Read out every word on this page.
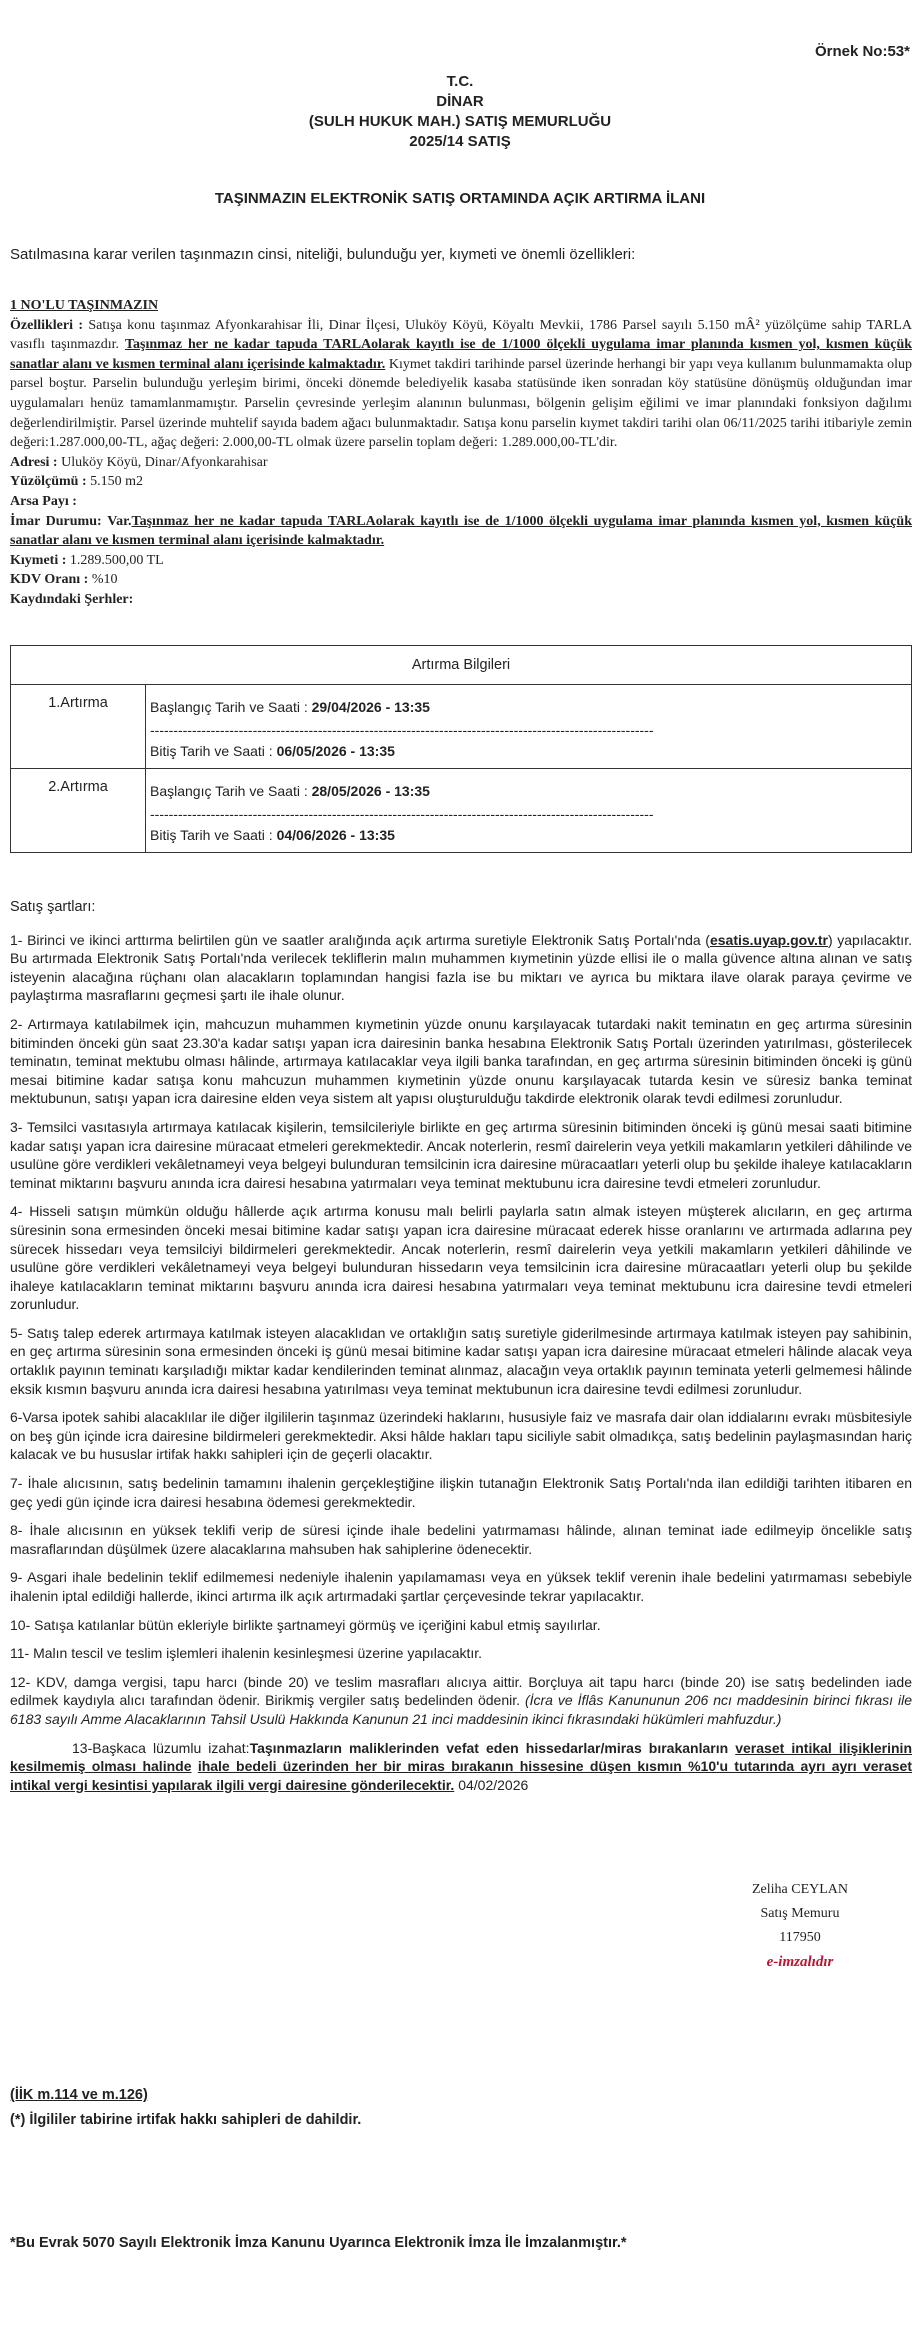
Örnek No:53*
T.C.
DİNAR
(SULH HUKUK MAH.) SATIŞ MEMURLUĞU
2025/14 SATIŞ
TAŞINMAZIN ELEKTRONİK SATIŞ ORTAMINDA AÇIK ARTIRMA İLANI
Satılmasına karar verilen taşınmazın cinsi, niteliği, bulunduğu yer, kıymeti ve önemli özellikleri:

1 NO'LU TAŞINMAZIN

Özellikleri : Satışa konu taşınmaz Afyonkarahisar İli, Dinar İlçesi, Uluköy Köyü, Köyaltı Mevkii, 1786 Parsel sayılı 5.150 mÂ² yüzölçüme sahip TARLA vasıflı taşınmazdır. Taşınmaz her ne kadar tapuda TARLAolarak kayıtlı ise de 1/1000 ölçekli uygulama imar planında kısmen yol, kısmen küçük sanatlar alanı ve kısmen terminal alanı içerisinde kalmaktadır. Kıymet takdiri tarihinde parsel üzerinde herhangi bir yapı veya kullanım bulunmamakta olup parsel boştur. Parselin bulunduğu yerleşim birimi, önceki dönemde belediyelik kasaba statüsünde iken sonradan köy statüsüne dönüşmüş olduğundan imar uygulamaları henüz tamamlanmamıştır. Parselin çevresinde yerleşim alanının bulunması, bölgenin gelişim eğilimi ve imar planındaki fonksiyon dağılımı değerlendirilmiştir. Parsel üzerinde muhtelif sayıda badem ağacı bulunmaktadır. Satışa konu parselin kıymet takdiri tarihi olan 06/11/2025 tarihi itibariyle zemin değeri:1.287.000,00-TL, ağaç değeri: 2.000,00-TL olmak üzere parselin toplam değeri: 1.289.000,00-TL'dir.

Adresi : Uluköy Köyü, Dinar/Afyonkarahisar

Yüzölçümü : 5.150 m2

Arsa Payı :

İmar Durumu: Var.Taşınmaz her ne kadar tapuda TARLAolarak kayıtlı ise de 1/1000 ölçekli uygulama imar planında kısmen yol, kısmen küçük sanatlar alanı ve kısmen terminal alanı içerisinde kalmaktadır.

Kıymeti : 1.289.500,00 TL

KDV Oranı : %10

Kaydındaki Şerhler:

Artırma Bilgileri	
1.Artırma	Başlangıç Tarih ve Saati : 29/04/2026 - 13:35
------------------------------------------------------------------------------------------------------------
Bitiş Tarih ve Saati : 06/05/2026 - 13:35

2.Artırma	Başlangıç Tarih ve Saati : 28/05/2026 - 13:35
------------------------------------------------------------------------------------------------------------
Bitiş Tarih ve Saati : 04/06/2026 - 13:35

Satış şartları:

1- Birinci ve ikinci arttırma belirtilen gün ve saatler aralığında açık artırma suretiyle Elektronik Satış Portalı'nda (esatis.uyap.gov.tr) yapılacaktır. Bu artırmada Elektronik Satış Portalı'nda verilecek tekliflerin malın muhammen kıymetinin yüzde ellisi ile o malla güvence altına alınan ve satış isteyenin alacağına rüçhanı olan alacakların toplamından hangisi fazla ise bu miktarı ve ayrıca bu miktara ilave olarak paraya çevirme ve paylaştırma masraflarını geçmesi şartı ile ihale olunur.

2- Artırmaya katılabilmek için, mahcuzun muhammen kıymetinin yüzde onunu karşılayacak tutardaki nakit teminatın en geç artırma süresinin bitiminden önceki gün saat 23.30'a kadar satışı yapan icra dairesinin banka hesabına Elektronik Satış Portalı üzerinden yatırılması, gösterilecek teminatın, teminat mektubu olması hâlinde, artırmaya katılacaklar veya ilgili banka tarafından, en geç artırma süresinin bitiminden önceki iş günü mesai bitimine kadar satışa konu mahcuzun muhammen kıymetinin yüzde onunu karşılayacak tutarda kesin ve süresiz banka teminat mektubunun, satışı yapan icra dairesine elden veya sistem alt yapısı oluşturulduğu takdirde elektronik olarak tevdi edilmesi zorunludur.

3- Temsilci vasıtasıyla artırmaya katılacak kişilerin, temsilcileriyle birlikte en geç artırma süresinin bitiminden önceki iş günü mesai saati bitimine kadar satışı yapan icra dairesine müracaat etmeleri gerekmektedir. Ancak noterlerin, resmî dairelerin veya yetkili makamların yetkileri dâhilinde ve usulüne göre verdikleri vekâletnameyi veya belgeyi bulunduran temsilcinin icra dairesine müracaatları yeterli olup bu şekilde ihaleye katılacakların teminat miktarını başvuru anında icra dairesi hesabına yatırmaları veya teminat mektubunu icra dairesine tevdi etmeleri zorunludur.

4- Hisseli satışın mümkün olduğu hâllerde açık artırma konusu malı belirli paylarla satın almak isteyen müşterek alıcıların, en geç artırma süresinin sona ermesinden önceki mesai bitimine kadar satışı yapan icra dairesine müracaat ederek hisse oranlarını ve artırmada adlarına pey sürecek hissedarı veya temsilciyi bildirmeleri gerekmektedir. Ancak noterlerin, resmî dairelerin veya yetkili makamların yetkileri dâhilinde ve usulüne göre verdikleri vekâletnameyi veya belgeyi bulunduran hissedarın veya temsilcinin icra dairesine müracaatları yeterli olup bu şekilde ihaleye katılacakların teminat miktarını başvuru anında icra dairesi hesabına yatırmaları veya teminat mektubunu icra dairesine tevdi etmeleri zorunludur.

5- Satış talep ederek artırmaya katılmak isteyen alacaklıdan ve ortaklığın satış suretiyle giderilmesinde artırmaya katılmak isteyen pay sahibinin, en geç artırma süresinin sona ermesinden önceki iş günü mesai bitimine kadar satışı yapan icra dairesine müracaat etmeleri hâlinde alacak veya ortaklık payının teminatı karşıladığı miktar kadar kendilerinden teminat alınmaz, alacağın veya ortaklık payının teminata yeterli gelmemesi hâlinde eksik kısmın başvuru anında icra dairesi hesabına yatırılması veya teminat mektubunun icra dairesine tevdi edilmesi zorunludur.

6-Varsa ipotek sahibi alacaklılar ile diğer ilgililerin taşınmaz üzerindeki haklarını, hususiyle faiz ve masrafa dair olan iddialarını evrakı müsbitesiyle on beş gün içinde icra dairesine bildirmeleri gerekmektedir. Aksi hâlde hakları tapu siciliyle sabit olmadıkça, satış bedelinin paylaşmasından hariç kalacak ve bu hususlar irtifak hakkı sahipleri için de geçerli olacaktır.

7- İhale alıcısının, satış bedelinin tamamını ihalenin gerçekleştiğine ilişkin tutanağın Elektronik Satış Portalı'nda ilan edildiği tarihten itibaren en geç yedi gün içinde icra dairesi hesabına ödemesi gerekmektedir.

8- İhale alıcısının en yüksek teklifi verip de süresi içinde ihale bedelini yatırmaması hâlinde, alınan teminat iade edilmeyip öncelikle satış masraflarından düşülmek üzere alacaklarına mahsuben hak sahiplerine ödenecektir.

9- Asgari ihale bedelinin teklif edilmemesi nedeniyle ihalenin yapılamaması veya en yüksek teklif verenin ihale bedelini yatırmaması sebebiyle ihalenin iptal edildiği hallerde, ikinci artırma ilk açık artırmadaki şartlar çerçevesinde tekrar yapılacaktır.

10- Satışa katılanlar bütün ekleriyle birlikte şartnameyi görmüş ve içeriğini kabul etmiş sayılırlar.

11- Malın tescil ve teslim işlemleri ihalenin kesinleşmesi üzerine yapılacaktır.

12- KDV, damga vergisi, tapu harcı (binde 20) ve teslim masrafları alıcıya aittir. Borçluya ait tapu harcı (binde 20) ise satış bedelinden iade edilmek kaydıyla alıcı tarafından ödenir. Birikmiş vergiler satış bedelinden ödenir. (İcra ve İflâs Kanununun 206 ncı maddesinin birinci fıkrası ile 6183 sayılı Amme Alacaklarının Tahsil Usulü Hakkında Kanunun 21 inci maddesinin ikinci fıkrasındaki hükümleri mahfuzdur.)

13-Başkaca lüzumlu izahat:Taşınmazların maliklerinden vefat eden hissedarlar/miras bırakanların veraset intikal ilişiklerinin kesilmemiş olması halinde ihale bedeli üzerinden her bir miras bırakanın hissesine düşen kısmın %10'u tutarında ayrı ayrı veraset intikal vergi kesintisi yapılarak ilgili vergi dairesine gönderilecektir. 04/02/2026

Zeliha CEYLAN
Satış Memuru
117950
e-imzalıdır
(İİK m.114 ve m.126)
(*) İlgililer tabirine irtifak hakkı sahipleri de dahildir.
*Bu Evrak 5070 Sayılı Elektronik İmza Kanunu Uyarınca Elektronik İmza İle İmzalanmıştır.*
